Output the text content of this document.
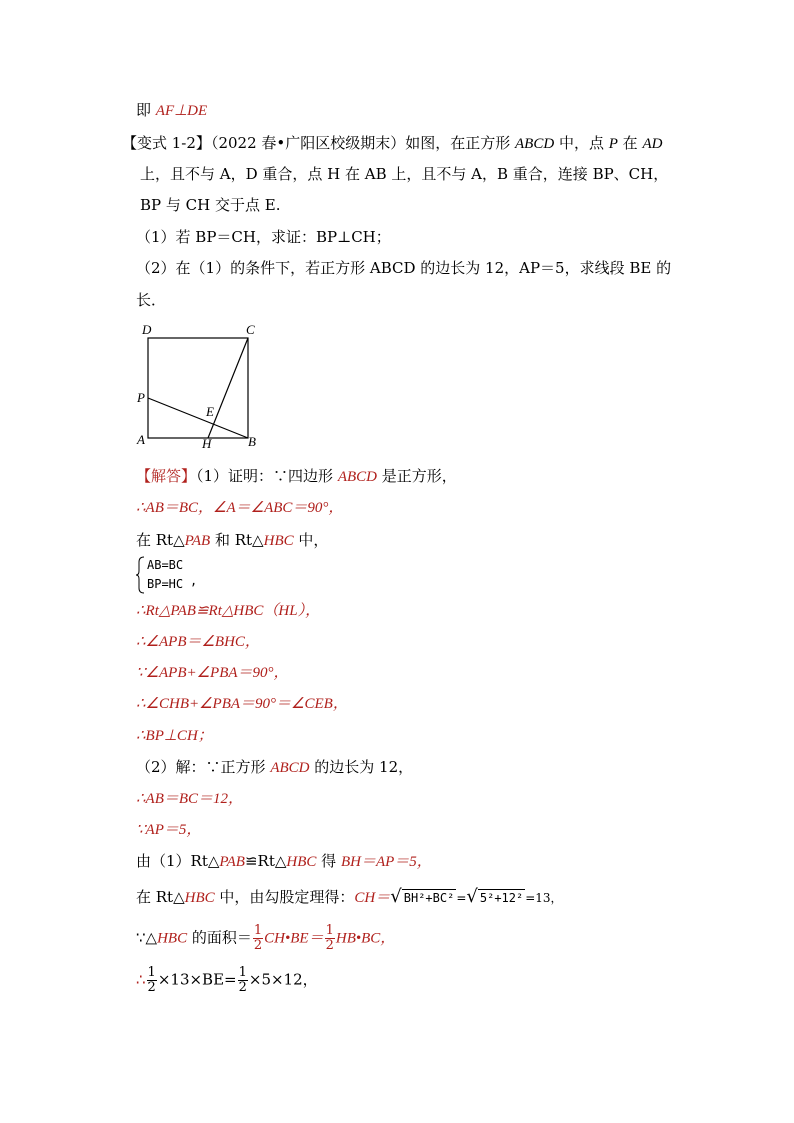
即 AF⊥DE
【变式 1-2】（2022 春•广阳区校级期末）如图，在正方形 ABCD 中，点 P 在 AD
上，且不与 A，D 重合，点 H 在 AB 上，且不与 A，B 重合，连接 BP、CH，
BP 与 CH 交于点 E.
（1）若 BP＝CH，求证：BP⊥CH；
（2）在（1）的条件下，若正方形 ABCD 的边长为 12，AP＝5，求线段 BE 的
长．
D	C
P
E
A	H	B
【解答】（1）证明：∵四边形 ABCD 是正方形，
∴AB＝BC，∠A＝∠ABC＝90°，
在 Rt△PAB 和 Rt△HBC 中，
AB=BC
BP=HC ,
∴Rt△PAB≌Rt△HBC（HL），
∴∠APB＝∠BHC，
∵∠APB+∠PBA＝90°，
∴∠CHB+∠PBA＝90°＝∠CEB，
∴BP⊥CH；
（2）解：∵正方形 ABCD 的边长为 12，
∴AB＝BC＝12，
∵AP＝5，
由（1）Rt△PAB≌Rt△HBC 得 BH＝AP＝5，
在 Rt△HBC 中，由勾股定理得：CH＝√ BH²+BC² =√ 5²+12² =13，
∵△HBC 的面积＝ $\frac{1}{2}$ CH•BE＝ $\frac{1}{2}$ HB•BC，
∴ $\frac{1}{2} \times 13\times BE= \frac{1}{2} \times 5\times 12$，
